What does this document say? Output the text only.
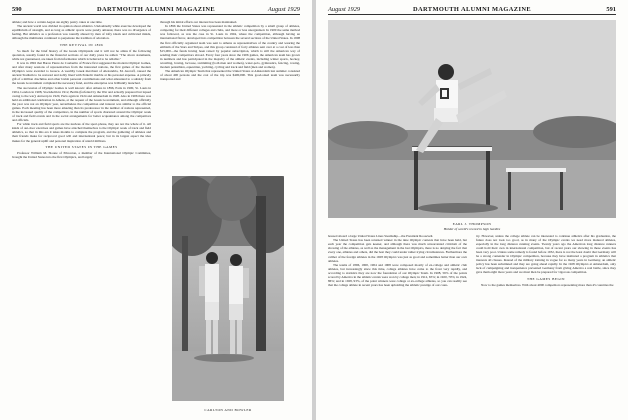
590	DARTMOUTH ALUMNI MAGAZINE	August 1929

athlete; and how a certain Aegon ate eighty pastry cakes at one time.

The ancient world was divided in opinion about athletics. Undoubtedly while exercise developed the equilibrium of strength, and as long as athletic sports were purely amateur, there was no divergence of feeling. But athletics as a profession was roundly abused by men of lofty ideals and cultivated minds, although the multitudes continued to perpetuate the tradition of adoration.

THE REVIVAL IN 1896

So much for the brief history of the Greek Olympiads and it will not be amiss if the following quotation, usually found in the financial sections of our daily press be added. "The above statements, while not guaranteed, are taken from information which is believed to be reliable."

It was in 1892 that Baron Pierre de Coubertin of France first suggested the modern Olympic Games, and after many sessions of representatives from the interested nations, the first games of the modern Olympics were awarded to Greece. A wealthy Greek merchant of Alexandria, M. Averoff, caused the ancient Stadium to be restored and nobly lined with Pentelic marble at his personal expense. A princely gift of a million drachmas and other lavish personal contributions and what amounted to a subsidy from the Greek Government completed the necessary fund, and the enterprise was brilliantly launched.

The succession of Olympic Games is well known: after Athens in 1896, Paris in 1900, St. Louis in 1904, London in 1908, Stockholm in 1912, Berlin (forfeited by the War and actually prepared but lapsed owing to the war); Antwerp in 1920, Paris again in 1924 and Amsterdam in 1928. Also in 1906 there was held an additional celebration in Athens, at the request of the Greek Government, and although officially the year was not an Olympic year, nevertheless the competition and interest was similar to the official games. Each meeting has been more amazing than its predecessor in the number of nations represented, in the increased quality of the competitors, in the number of sports chartered around the Olympic week of track and field events and in the social arrangements for better acquaintance among the competitors and officials.

For while track and field sports are the nucleus of the sport-phone, they are not the whole of it. All kinds of out-door exercises and games have attached themselves to the Olympic week of track and field athletics, so that in this era it takes months to complete the program, and the gathering of athletes and their friends make for reciprocal good will and international peace; but in its largest aspect the idea makes for the general uplift and personal inspiration of untold millions.

THE UNITED STATES IN THE GAMES

Professor William M. Sloane of Princeton, a member of the International Olympic Committee, brought the United States into the first Olympics, and largely

through his initial efforts our interest has been maintained.

In 1896 the United States was represented in the athletic competition by a small group of athletes, competing for their different colleges and clubs, and more or less unorganized. In 1900 the same method was followed, as was the case in St. Louis in 1904, where the competition, although having an international flavor, developed into competition between the several sections of the United States. In 1908 the first officially organized team was sent to Athens as representatives of the country and wearing the emblem of the Stars and Stripes, and this group consisted of forty athletes sent over at a cost of less than $15,000—the funds having been raised by popular subscription, which is still the American way of sending their competitors abroad. Every four years since the 1906 games, the American team has grown in numbers and has participated in the majority of the athletic events, including winter sports, hockey, wrestling, boxing, lacrosse, swimming (both men and women), water-polo, gymnastics, fencing, rowing, modern pentathlon, equestrian, yachting, cycling and track and field (men and women).

The American Olympic Team that represented the United States at Amsterdam last summer consisted of about 400 persons and the cost of the trip was $400,000. This good-sized team was necessarily transported and

CARLTON AND BOWLER
August 1929	DARTMOUTH ALUMNI MAGAZINE	591
EARL J. THOMPSON
Holder of world's record in high hurdles

housed aboard a large United States Lines Steamship—the President Roosevelt.

The United States has been returned winner in the nine Olympic contests that have been held, but each year the competition gets keener, and although there was much unwarranted criticism of the showing of the athletes, as well as the management in the last Olympics, there is no denying the fact that every one, athletes and others, did the best they could under rather trying circumstances. Furthermore the caliber of the foreign athletes in the 1928 Olympics was just as good and sometimes better than our own athletes.

The teams of 1896, 1900, 1904 and 1908 were composed mostly of ex-college and athletic club athletes, but increasingly since this time, college athletes have come to the front very rapidly, and according to statistics they are now the foundation of our Olympic Team. In 1908, 56% of the points scored by America in the athletic events were won by college men; in 1912, 65%; in 1920, 70%; in 1924, 86%; and in 1928, 93%, of the point winners were college or ex-college athletes, so you can readily see that the college athlete in recent years has been upholding the athletic prestige of our coun-

try. However, unless the college athlete can be interested to continue athletics after his graduation, the future does not look too good, as in many of the Olympic events we need more matured athletes, especially in the long distance running events. Twenty years ago the American long distance runners could hold their own in international competition, but of recent years our showing in these events has been very poor. Unless some remedy is found before 1932, there is not the least doubt that Germany will be a strong contender in Olympic competition, because they have instituted a program in athletics that interests all classes. Instead of the military training in vogue for so many years in Germany, an athletic policy has been substituted and they are going ahead rapidly. In the 1928 Olympics at Amsterdam, only lack of campaigning and inexperience prevented Germany from giving America a real battle, since they gave them eight more years and we must then be prepared for vigorous competition.

THE GAMES BEGIN

Now to the games themselves. With about 4000 competitors representing more than 45 countries the
